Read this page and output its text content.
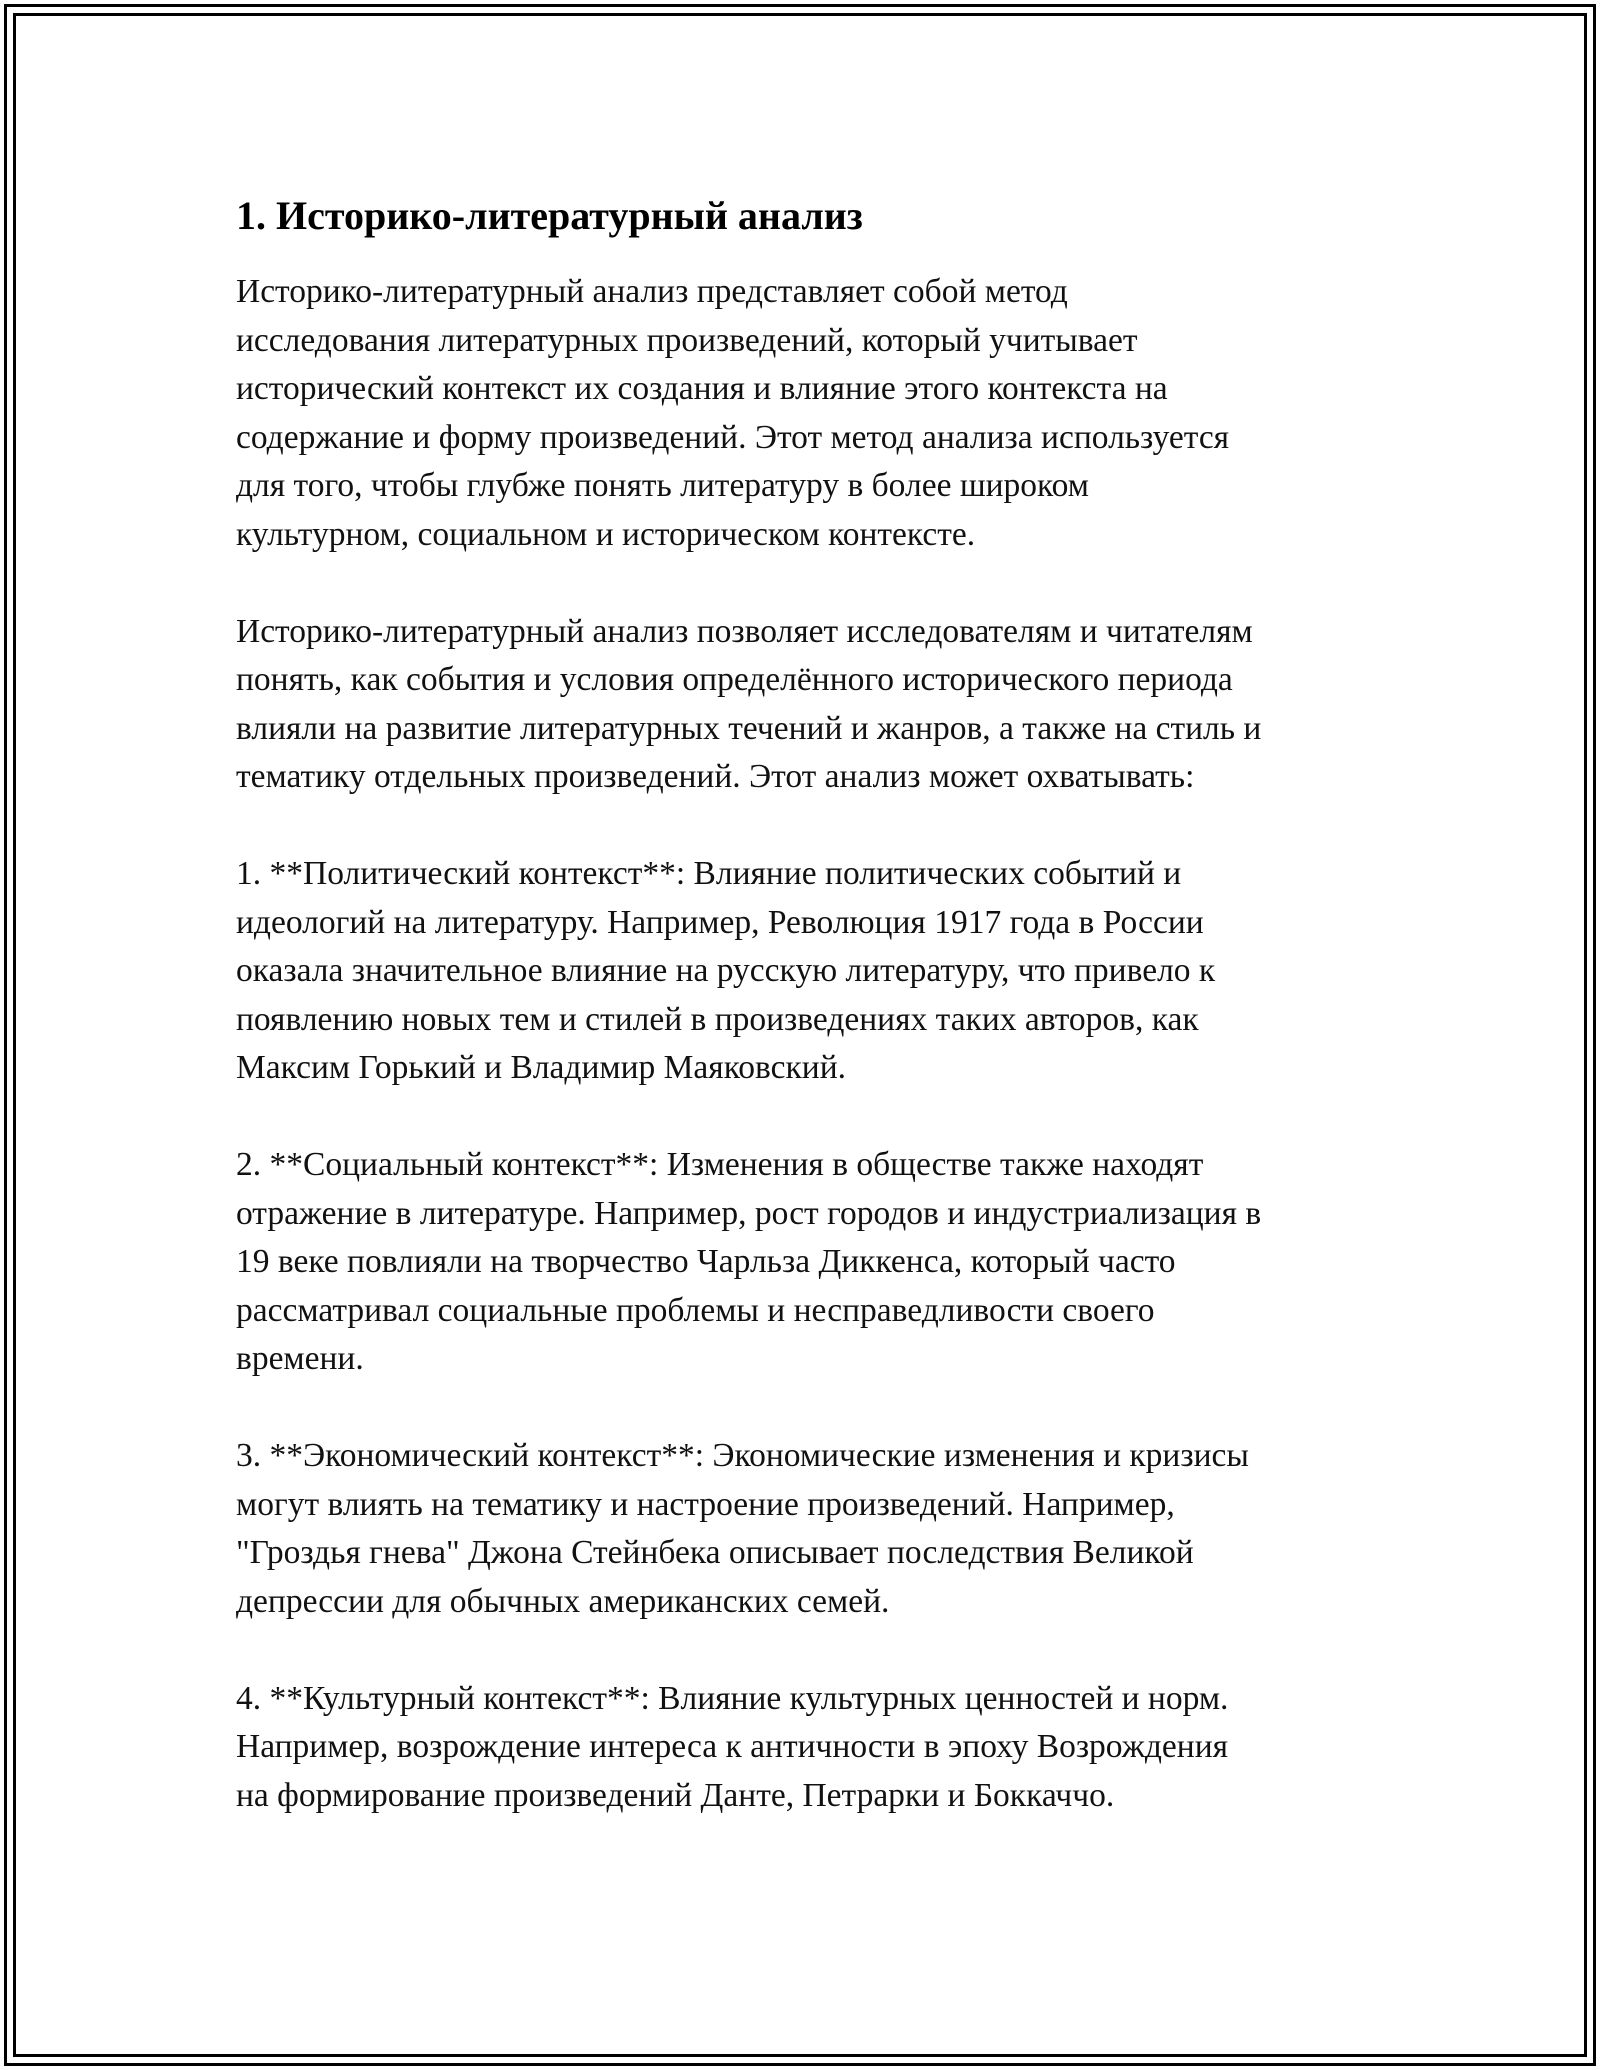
1. Историко-литературный анализ

Историко-литературный анализ представляет собой метод
исследования литературных произведений, который учитывает
исторический контекст их создания и влияние этого контекста на
содержание и форму произведений. Этот метод анализа используется
для того, чтобы глубже понять литературу в более широком
культурном, социальном и историческом контексте.

Историко-литературный анализ позволяет исследователям и читателям
понять, как события и условия определённого исторического периода
влияли на развитие литературных течений и жанров, а также на стиль и
тематику отдельных произведений. Этот анализ может охватывать:

1. **Политический контекст**: Влияние политических событий и
идеологий на литературу. Например, Революция 1917 года в России
оказала значительное влияние на русскую литературу, что привело к
появлению новых тем и стилей в произведениях таких авторов, как
Максим Горький и Владимир Маяковский.

2. **Социальный контекст**: Изменения в обществе также находят
отражение в литературе. Например, рост городов и индустриализация в
19 веке повлияли на творчество Чарльза Диккенса, который часто
рассматривал социальные проблемы и несправедливости своего
времени.

3. **Экономический контекст**: Экономические изменения и кризисы
могут влиять на тематику и настроение произведений. Например,
"Гроздья гнева" Джона Стейнбека описывает последствия Великой
депрессии для обычных американских семей.

4. **Культурный контекст**: Влияние культурных ценностей и норм.
Например, возрождение интереса к античности в эпоху Возрождения
на формирование произведений Данте, Петрарки и Боккаччо.
